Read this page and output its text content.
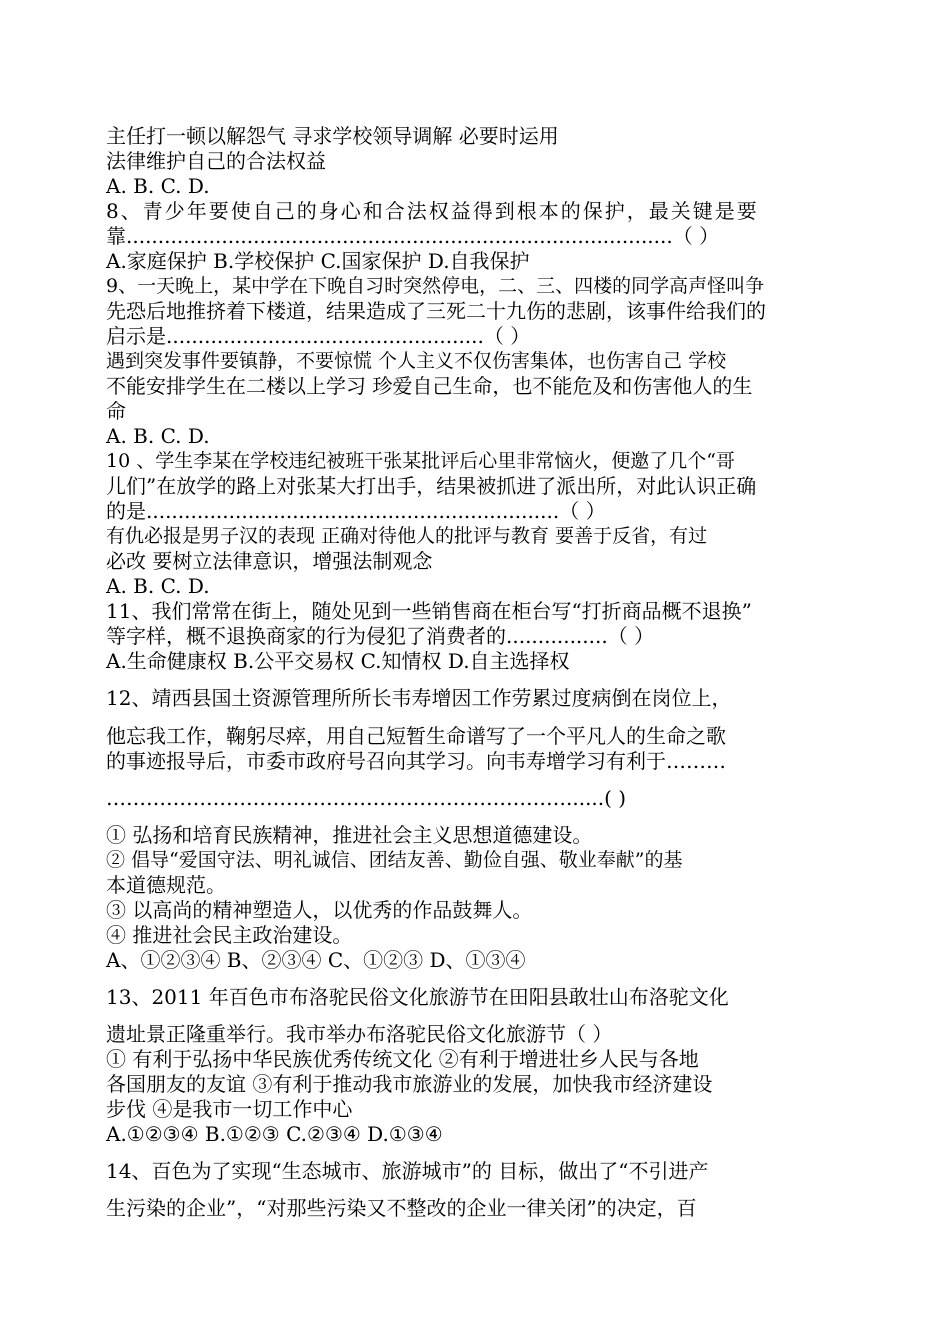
主任打一顿以解怨气 寻求学校领导调解 必要时运用
法律维护自己的合法权益
A. B. C. D.
8、青少年要使自己的身心和合法权益得到根本的保护，最关键是要
靠......................................................................................（ ）
A.家庭保护 B.学校保护 C.国家保护 D.自我保护
9、一天晚上，某中学在下晚自习时突然停电，二、三、四楼的同学高声怪叫争
先恐后地推挤着下楼道，结果造成了三死二十九伤的悲剧，该事件给我们的
启示是..................................................（ ）
遇到突发事件要镇静，不要惊慌 个人主义不仅伤害集体，也伤害自己 学校
不能安排学生在二楼以上学习 珍爱自己生命，也不能危及和伤害他人的生
命
A. B. C. D.
10 、学生李某在学校违纪被班干张某批评后心里非常恼火，便邀了几个“哥
儿们”在放学的路上对张某大打出手，结果被抓进了派出所，对此认识正确
的是.................................................................（ ）
有仇必报是男子汉的表现 正确对待他人的批评与教育 要善于反省，有过
必改 要树立法律意识，增强法制观念
A. B. C. D.
11、我们常常在街上，随处见到一些销售商在柜台写“打折商品概不退换”
等字样，概不退换商家的行为侵犯了消费者的................（ ）
A.生命健康权 B.公平交易权 C.知情权 D.自主选择权
12、靖西县国土资源管理所所长韦寿增因工作劳累过度病倒在岗位上，
他忘我工作，鞠躬尽瘁，用自己短暂生命谱写了一个平凡人的生命之歌
的事迹报导后，市委市政府号召向其学习。向韦寿增学习有利于………
……………………………………………………………......( )
① 弘扬和培育民族精神，推进社会主义思想道德建设。
② 倡导“爱国守法、明礼诚信、团结友善、勤俭自强、敬业奉献”的基
本道德规范。
③ 以高尚的精神塑造人，以优秀的作品鼓舞人。
④ 推进社会民主政治建设。
A、①②③④ B、②③④ C、①②③ D、①③④
13、2011 年百色市布洛驼民俗文化旅游节在田阳县敢壮山布洛驼文化
遗址景正隆重举行。我市举办布洛驼民俗文化旅游节（ ）
① 有利于弘扬中华民族优秀传统文化 ②有利于增进壮乡人民与各地
各国朋友的友谊 ③有利于推动我市旅游业的发展，加快我市经济建设
步伐 ④是我市一切工作中心
A.①②③④ B.①②③ C.②③④ D.①③④
14、百色为了实现“生态城市、旅游城市”的 目标，做出了“不引进产
生污染的企业”，“对那些污染又不整改的企业一律关闭”的决定，百
